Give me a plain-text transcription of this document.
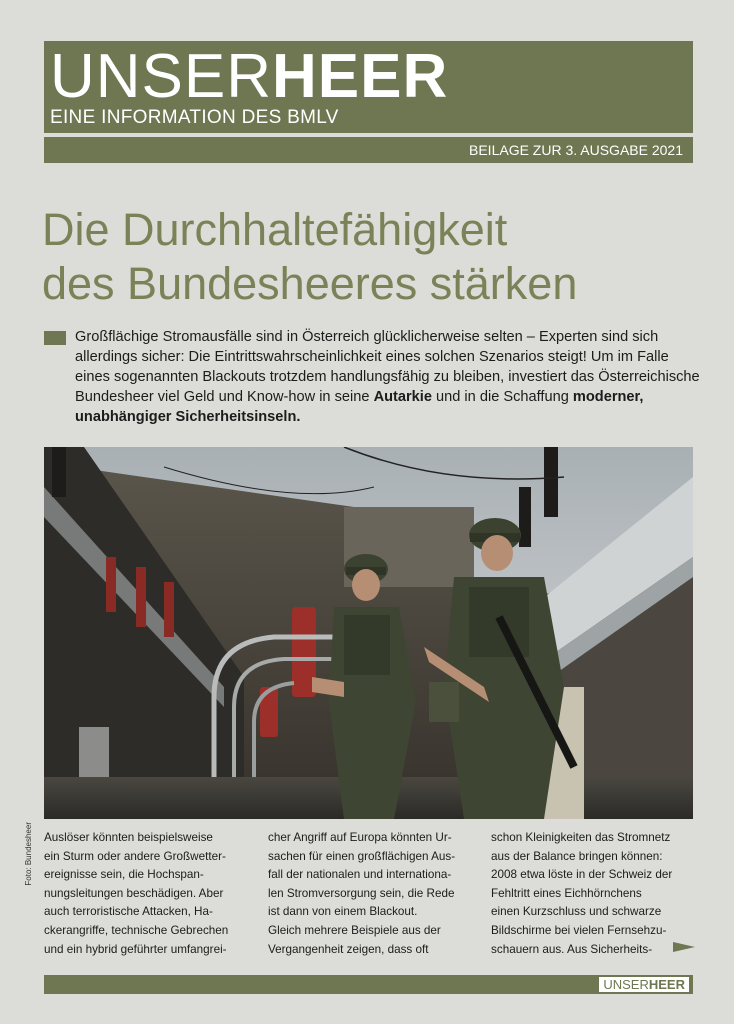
UNSERHEER
EINE INFORMATION DES BMLV
BEILAGE ZUR 3. AUSGABE 2021
Die Durchhaltefähigkeit
des Bundesheeres stärken

Großflächige Stromausfälle sind in Österreich glücklicherweise selten – Experten sind sich allerdings sicher: Die Eintrittswahrscheinlichkeit eines solchen Szenarios steigt! Um im Falle eines sogenannten Blackouts trotzdem handlungsfähig zu bleiben, investiert das Österreichische Bundesheer viel Geld und Know-how in seine Autarkie und in die Schaffung moderner, unabhängiger Sicherheitsinseln.

Foto: Bundesheer Auslöser könnten beispielsweise
ein Sturm oder andere Großwetter-
ereignisse sein, die Hochspan-
nungsleitungen beschädigen. Aber
auch terroristische Attacken, Ha-
ckerangriffe, technische Gebrechen
und ein hybrid geführter umfangrei-
cher Angriff auf Europa könnten Ur-
sachen für einen großflächigen Aus-
fall der nationalen und internationa-
len Stromversorgung sein, die Rede
ist dann von einem Blackout.
Gleich mehrere Beispiele aus der
Vergangenheit zeigen, dass oft
schon Kleinigkeiten das Stromnetz
aus der Balance bringen können:
2008 etwa löste in der Schweiz der
Fehltritt eines Eichhörnchens
einen Kurzschluss und schwarze
Bildschirme bei vielen Fernsehzu-
schauern aus. Aus Sicherheits-
UNSERHEER
